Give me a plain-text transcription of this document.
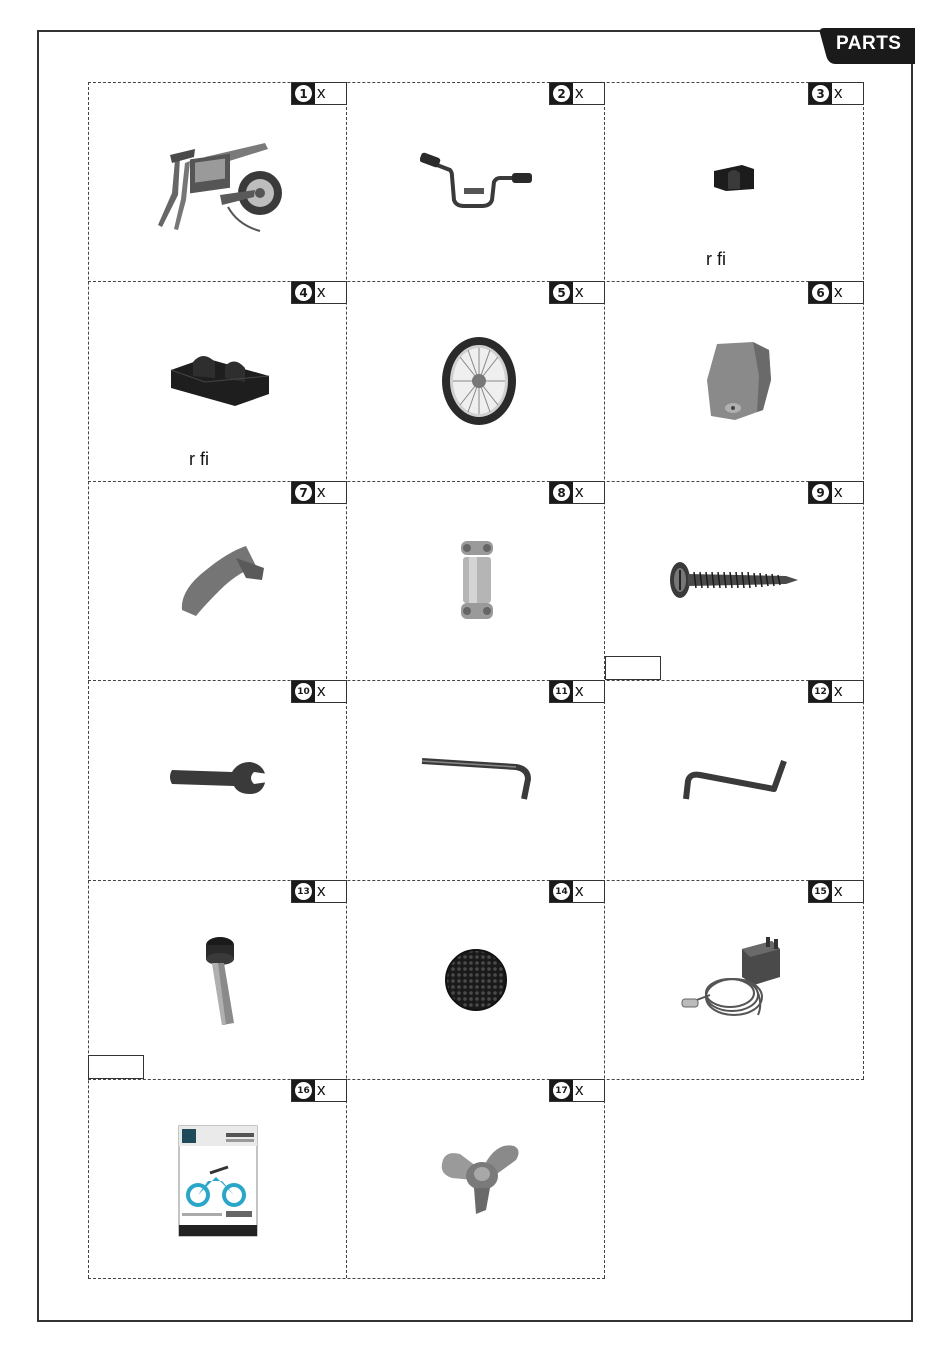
PARTS
1 x	2 x	3 x
4 x	5 x	6 x
7 x	8 x	9 x
10 x	11 x	12 x
13 x	14 x	15 x
16 x	17 x
r fi
r fi
